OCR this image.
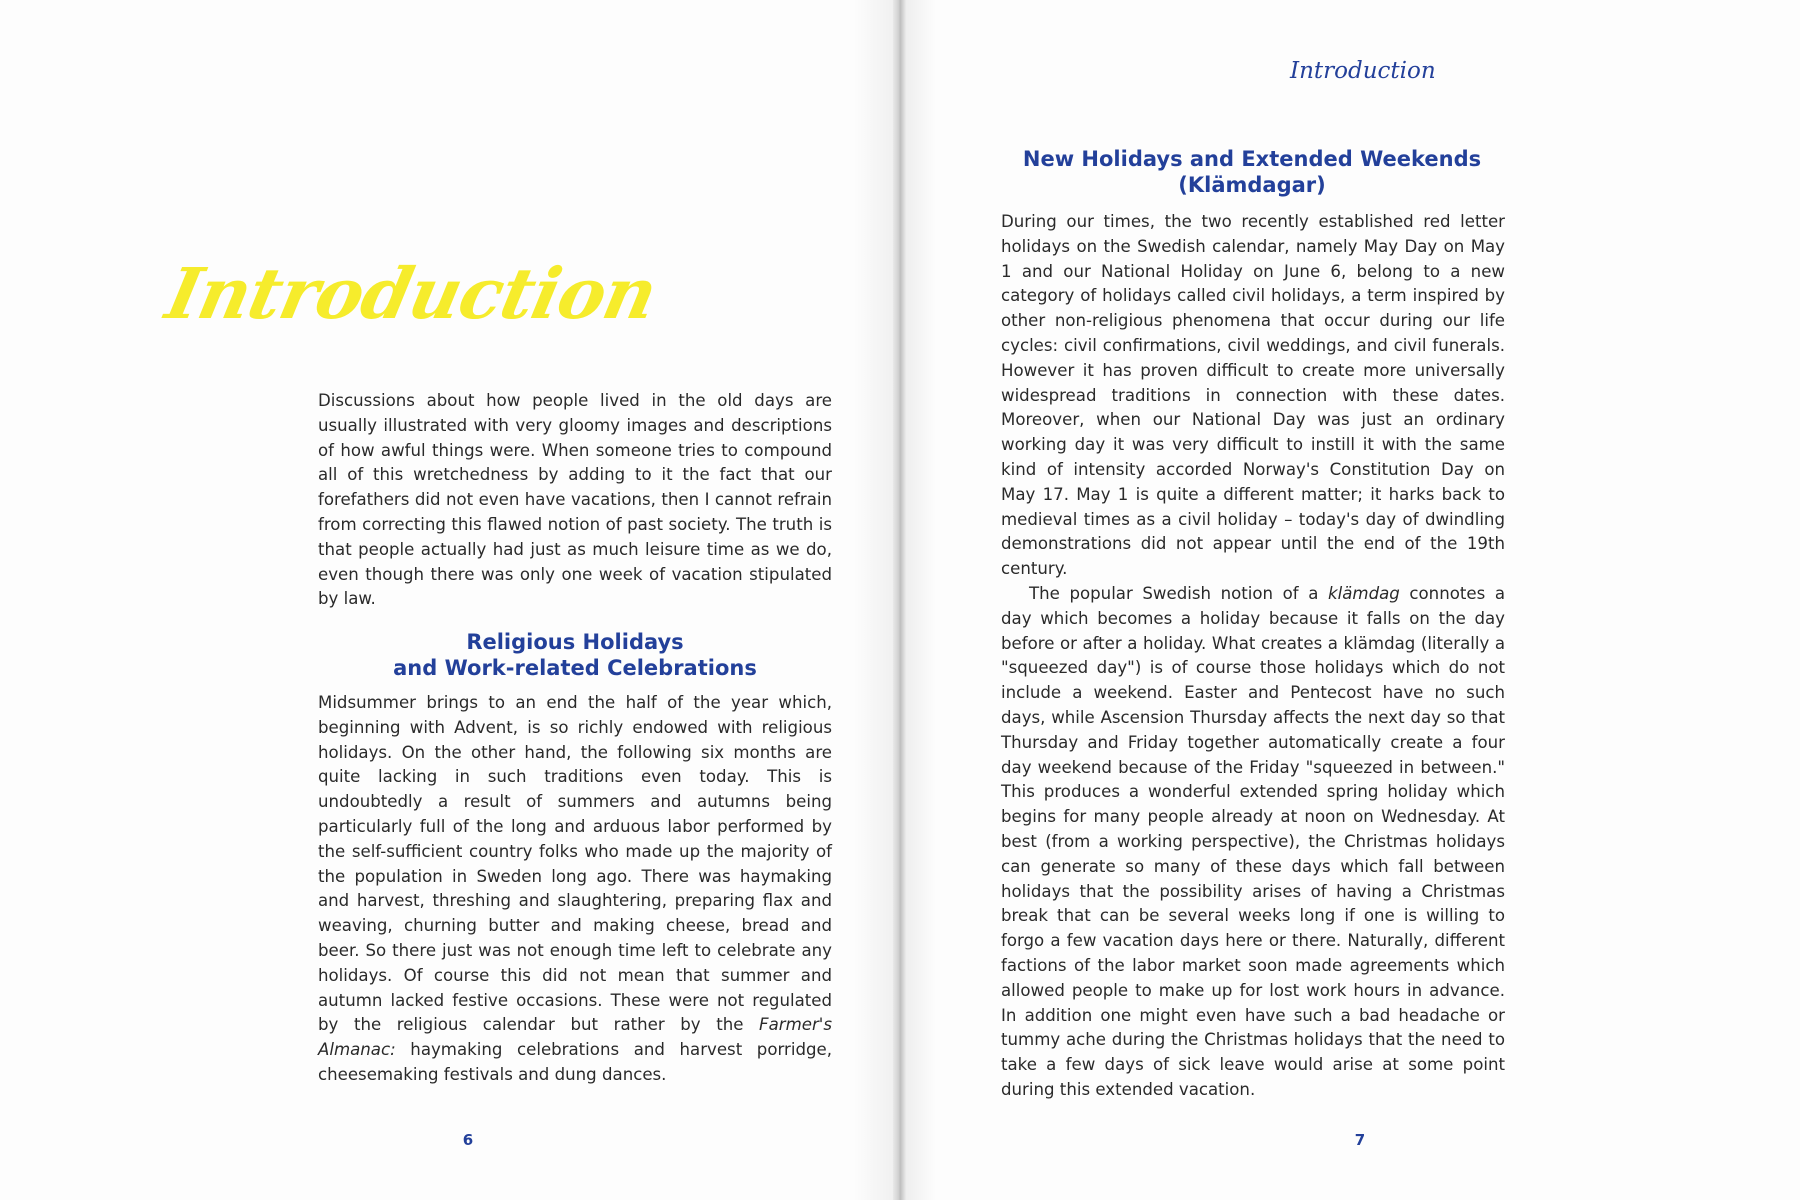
Introduction

Discussions about how people lived in the old days are usually illustrated with very gloomy images and descriptions of how awful things were. When someone tries to compound all of this wretchedness by adding to it the fact that our forefathers did not even have vacations, then I cannot refrain from correcting this flawed notion of past society. The truth is that people actually had just as much leisure time as we do, even though there was only one week of vacation stipulated by law.

Religious Holidays
and Work-related Celebrations

Midsummer brings to an end the half of the year which, beginning with Advent, is so richly endowed with religious holidays. On the other hand, the following six months are quite lacking in such traditions even today. This is undoubtedly a result of summers and autumns being particularly full of the long and arduous labor performed by the self-sufficient country folks who made up the majority of the population in Sweden long ago. There was haymaking and harvest, threshing and slaughtering, preparing flax and weaving, churning butter and making cheese, bread and beer. So there just was not enough time left to celebrate any holidays. Of course this did not mean that summer and autumn lacked festive occasions. These were not regulated by the religious calendar but rather by the Farmer's Almanac: haymaking celebrations and harvest porridge, cheesemaking festivals and dung dances.

6
Introduction
New Holidays and Extended Weekends
(Klämdagar)

During our times, the two recently established red letter holidays on the Swedish calendar, namely May Day on May 1 and our National Holiday on June 6, belong to a new category of holidays called civil holidays, a term inspired by other non-religious phenomena that occur during our life cycles: civil confirmations, civil weddings, and civil funerals. However it has proven difficult to create more universally widespread traditions in connection with these dates. Moreover, when our National Day was just an ordinary working day it was very difficult to instill it with the same kind of intensity accorded Norway's Constitution Day on May 17. May 1 is quite a different matter; it harks back to medieval times as a civil holiday – today's day of dwindling demonstrations did not appear until the end of the 19th century.

The popular Swedish notion of a klämdag connotes a day which becomes a holiday because it falls on the day before or after a holiday. What creates a klämdag (literally a "squeezed day") is of course those holidays which do not include a weekend. Easter and Pentecost have no such days, while Ascension Thursday affects the next day so that Thursday and Friday together automatically create a four day weekend because of the Friday "squeezed in between." This produces a wonderful extended spring holiday which begins for many people already at noon on Wednesday. At best (from a working perspective), the Christmas holidays can generate so many of these days which fall between holidays that the possibility arises of having a Christmas break that can be several weeks long if one is willing to forgo a few vacation days here or there. Naturally, different factions of the labor market soon made agreements which allowed people to make up for lost work hours in advance. In addition one might even have such a bad headache or tummy ache during the Christmas holidays that the need to take a few days of sick leave would arise at some point during this extended vacation.

7
